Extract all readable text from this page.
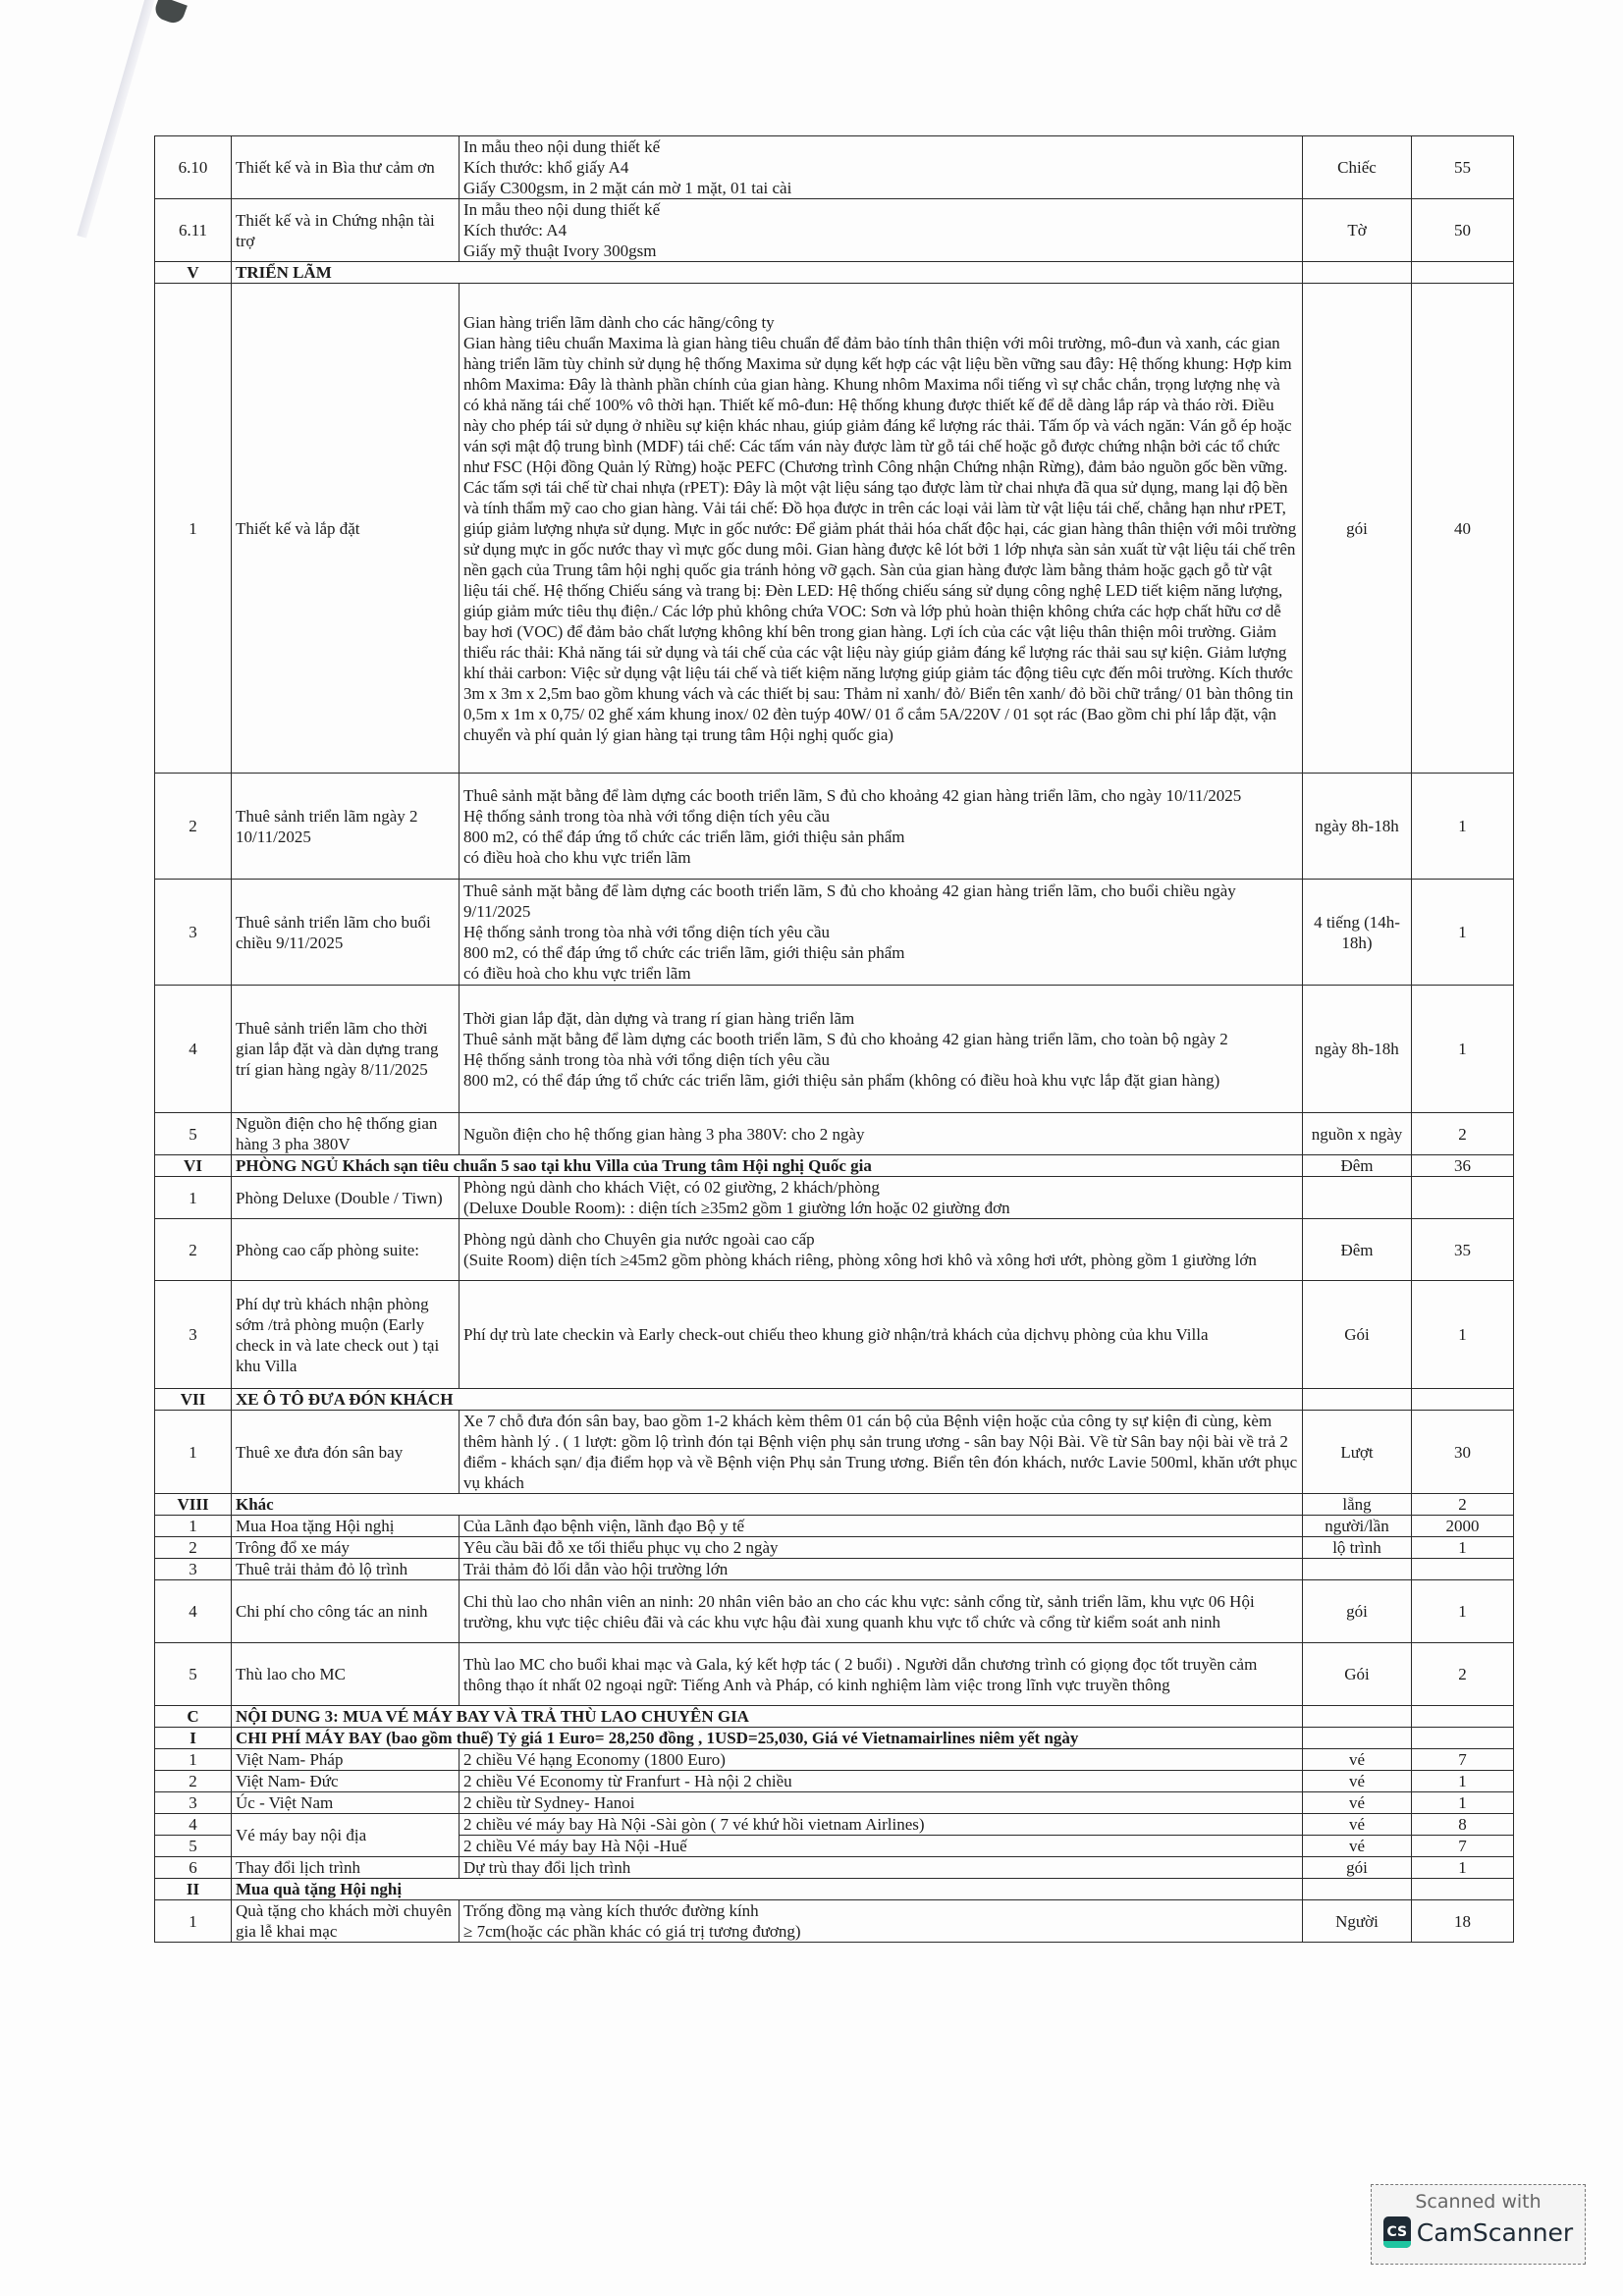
6.10	Thiết kế và in Bìa thư cảm ơn	In mẫu theo nội dung thiết kế
Kích thước: khổ giấy A4
Giấy C300gsm, in 2 mặt cán mờ 1 mặt, 01 tai cài	Chiếc	55
6.11	Thiết kế và in Chứng nhận tài trợ	In mẫu theo nội dung thiết kế
Kích thước: A4
Giấy mỹ thuật Ivory 300gsm	Tờ	50
V	TRIỂN LÃM			
1	Thiết kế và lắp đặt	Gian hàng triển lãm dành cho các hãng/công ty
Gian hàng tiêu chuẩn Maxima là gian hàng tiêu chuẩn để đảm bảo tính thân thiện với môi trường, mô-đun và xanh, các gian hàng triển lãm tùy chỉnh sử dụng hệ thống Maxima sử dụng kết hợp các vật liệu bền vững sau đây: Hệ thống khung: Hợp kim nhôm Maxima: Đây là thành phần chính của gian hàng. Khung nhôm Maxima nổi tiếng vì sự chắc chắn, trọng lượng nhẹ và có khả năng tái chế 100% vô thời hạn. Thiết kế mô-đun: Hệ thống khung được thiết kế để dễ dàng lắp ráp và tháo rời. Điều này cho phép tái sử dụng ở nhiều sự kiện khác nhau, giúp giảm đáng kể lượng rác thải. Tấm ốp và vách ngăn: Ván gỗ ép hoặc ván sợi mật độ trung bình (MDF) tái chế: Các tấm ván này được làm từ gỗ tái chế hoặc gỗ được chứng nhận bởi các tổ chức như FSC (Hội đồng Quản lý Rừng) hoặc PEFC (Chương trình Công nhận Chứng nhận Rừng), đảm bảo nguồn gốc bền vững. Các tấm sợi tái chế từ chai nhựa (rPET): Đây là một vật liệu sáng tạo được làm từ chai nhựa đã qua sử dụng, mang lại độ bền và tính thẩm mỹ cao cho gian hàng. Vải tái chế: Đồ họa được in trên các loại vải làm từ vật liệu tái chế, chẳng hạn như rPET, giúp giảm lượng nhựa sử dụng. Mực in gốc nước: Để giảm phát thải hóa chất độc hại, các gian hàng thân thiện với môi trường sử dụng mực in gốc nước thay vì mực gốc dung môi. Gian hàng được kê lót bởi 1 lớp nhựa sàn sản xuất từ vật liệu tái chế trên nền gạch của Trung tâm hội nghị quốc gia tránh hỏng vỡ gạch. Sàn của gian hàng được làm bằng thảm hoặc gạch gỗ từ vật liệu tái chế. Hệ thống Chiếu sáng và trang bị: Đèn LED: Hệ thống chiếu sáng sử dụng công nghệ LED tiết kiệm năng lượng, giúp giảm mức tiêu thụ điện./ Các lớp phủ không chứa VOC: Sơn và lớp phủ hoàn thiện không chứa các hợp chất hữu cơ dễ bay hơi (VOC) để đảm bảo chất lượng không khí bên trong gian hàng. Lợi ích của các vật liệu thân thiện môi trường. Giảm thiểu rác thải: Khả năng tái sử dụng và tái chế của các vật liệu này giúp giảm đáng kể lượng rác thải sau sự kiện. Giảm lượng khí thải carbon: Việc sử dụng vật liệu tái chế và tiết kiệm năng lượng giúp giảm tác động tiêu cực đến môi trường. Kích thước 3m x 3m x 2,5m bao gồm khung vách và các thiết bị sau: Thảm nỉ xanh/ đỏ/ Biển tên xanh/ đỏ bồi chữ trắng/ 01 bàn thông tin 0,5m x 1m x 0,75/ 02 ghế xám khung inox/ 02 đèn tuýp 40W/ 01 ổ cắm 5A/220V / 01 sọt rác (Bao gồm chi phí lắp đặt, vận chuyển và phí quản lý gian hàng tại trung tâm Hội nghị quốc gia)	gói	40
2	Thuê sảnh triển lãm ngày 2 10/11/2025	Thuê sảnh mặt bằng để làm dựng các booth triển lãm, S đủ cho khoảng 42 gian hàng triển lãm, cho ngày 10/11/2025
Hệ thống sảnh trong tòa nhà với tổng diện tích yêu cầu
800 m2, có thể đáp ứng tổ chức các triển lãm, giới thiệu sản phẩm
có điều hoà cho khu vực triển lãm	ngày 8h-18h	1
3	Thuê sảnh triển lãm cho buổi chiều 9/11/2025	Thuê sảnh mặt bằng để làm dựng các booth triển lãm, S đủ cho khoảng 42 gian hàng triển lãm, cho buổi chiều ngày 9/11/2025
Hệ thống sảnh trong tòa nhà với tổng diện tích yêu cầu
800 m2, có thể đáp ứng tổ chức các triển lãm, giới thiệu sản phẩm
có điều hoà cho khu vực triển lãm	4 tiếng (14h-18h)	1
4	Thuê sảnh triển lãm cho thời gian lắp đặt và dàn dựng trang trí gian hàng ngày 8/11/2025	Thời gian lắp đặt, dàn dựng và trang rí gian hàng triển lãm
Thuê sảnh mặt bằng để làm dựng các booth triển lãm, S đủ cho khoảng 42 gian hàng triển lãm, cho toàn bộ ngày 2
Hệ thống sảnh trong tòa nhà với tổng diện tích yêu cầu
800 m2, có thể đáp ứng tổ chức các triển lãm, giới thiệu sản phẩm (không có điều hoà khu vực lắp đặt gian hàng)	ngày 8h-18h	1
5	Nguồn điện cho hệ thống gian hàng 3 pha 380V	Nguồn điện cho hệ thống gian hàng 3 pha 380V: cho 2 ngày	nguồn x ngày	2
VI	PHÒNG NGỦ Khách sạn tiêu chuẩn 5 sao tại khu Villa của Trung tâm Hội nghị Quốc gia		Đêm	36
1	Phòng Deluxe (Double / Tiwn)	Phòng ngủ dành cho khách Việt, có 02 giường, 2 khách/phòng
(Deluxe Double Room): : diện tích ≥35m2 gồm 1 giường lớn hoặc 02 giường đơn		

2	Phòng cao cấp phòng suite:	Phòng ngủ dành cho Chuyên gia nước ngoài cao cấp
(Suite Room) diện tích ≥45m2 gồm phòng khách riêng, phòng xông hơi khô và xông hơi ướt, phòng gồm 1 giường lớn	Đêm	35
3	Phí dự trù khách nhận phòng sớm /trả phòng muộn (Early check in và late check out ) tại khu Villa	Phí dự trù late checkin và Early check-out chiếu theo khung giờ nhận/trả khách của dịchvụ phòng của khu Villa	Gói	1
VII	XE Ô TÔ ĐƯA ĐÓN KHÁCH			
1	Thuê xe đưa đón sân bay	Xe 7 chỗ đưa đón sân bay, bao gồm 1-2 khách kèm thêm 01 cán bộ của Bệnh viện hoặc của công ty sự kiện đi cùng, kèm thêm hành lý . ( 1 lượt: gồm lộ trình đón tại Bệnh viện phụ sản trung ương - sân bay Nội Bài. Về từ Sân bay nội bài về trả 2 điểm - khách sạn/ địa điểm họp và về Bệnh viện Phụ sản Trung ương. Biển tên đón khách, nước Lavie 500ml, khăn ướt phục vụ khách	Lượt	30
VIII	Khác		lẵng	2
1	Mua Hoa tặng Hội nghị	Của Lãnh đạo bệnh viện, lãnh đạo Bộ y tế	người/lần	2000
2	Trông đổ xe máy	Yêu cầu bãi đỗ xe tối thiểu phục vụ cho 2 ngày	lộ trình	1
3	Thuê trải thảm đỏ lộ trình	Trải thảm đỏ lối dẫn vào hội trường lớn		

4	Chi phí cho công tác an ninh	Chi thù lao cho nhân viên an ninh: 20 nhân viên bảo an cho các khu vực: sảnh cổng từ, sảnh triển lãm, khu vực 06 Hội trường, khu vực tiệc chiêu đãi và các khu vực hậu đài xung quanh khu vực tổ chức và cổng từ kiểm soát anh ninh	gói	1
5	Thù lao cho MC	Thù lao MC cho buổi khai mạc và Gala, ký kết hợp tác ( 2 buổi) . Người dẫn chương trình có giọng đọc tốt truyền cảm thông thạo ít nhất 02 ngoại ngữ: Tiếng Anh và Pháp, có kinh nghiệm làm việc trong lĩnh vực truyền thông	Gói	2
C	NỘI DUNG 3: MUA VÉ MÁY BAY VÀ TRẢ THÙ LAO CHUYÊN GIA			
I	CHI PHÍ MÁY BAY (bao gồm thuế) Tỷ giá 1 Euro= 28,250 đồng , 1USD=25,030, Giá vé Vietnamairlines niêm yết ngày			
1	Việt Nam- Pháp	2 chiều Vé hạng Economy (1800 Euro)	vé	7
2	Việt Nam- Đức	2 chiều Vé Economy từ Franfurt - Hà nội 2 chiều	vé	1
3	Úc - Việt Nam	2 chiều từ Sydney- Hanoi	vé	1
4	Vé máy bay nội địa	2 chiều vé máy bay Hà Nội -Sài gòn ( 7 vé khứ hồi vietnam Airlines)	vé	8
5		2 chiều Vé máy bay Hà Nội -Huế	vé	7
6	Thay đổi lịch trình	Dự trù thay đổi lịch trình	gói	1
II	Mua quà tặng Hội nghị			
1	Quà tặng cho khách mời chuyên gia lễ khai mạc	Trống đồng mạ vàng kích thước đường kính
≥ 7cm(hoặc các phần khác có giá trị tương đương)	Người	18
Scanned with
CS CamScanner
